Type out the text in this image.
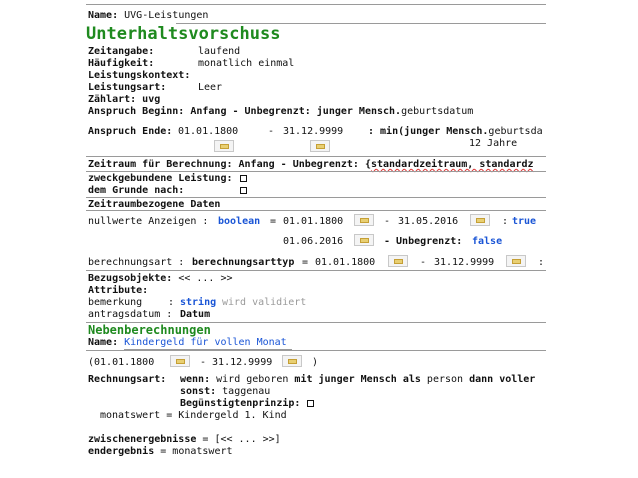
Name: UVG-Leistungen
Unterhaltsvorschuss
Zeitangabe:	laufend
Häufigkeit:	monatlich einmal
Leistungskontext:
Leistungsart:	Leer
Zählart: uvg
Anspruch Beginn: Anfang - Unbegrenzt: junger Mensch.geburtsdatum
Anspruch Ende: 01.01.1800	- 31.12.9999 : min(junger Mensch.geburtsda
12 Jahre
Zeitraum für Berechnung: Anfang - Unbegrenzt: {standardzeitraum, standardz
zweckgebundene Leistung:
dem Grunde nach:
Zeitraumbezogene Daten
nullwerte Anzeigen : boolean = 01.01.1800	- 31.05.2016	: true
01.06.2016	- Unbegrenzt: false
berechnungsart : berechnungsarttyp = 01.01.1800	- 31.12.9999	:
Bezugsobjekte: << ... >>
Attribute:
bemerkung	: string wird validiert
antragsdatum : Datum
Nebenberechnungen
Name: Kindergeld für vollen Monat
(01.01.1800	- 31.12.9999	)
Rechnungsart: wenn: wird geboren mit junger Mensch als person dann voller
sonst: taggenau
Begünstigtenprinzip:
monatswert = Kindergeld 1. Kind
zwischenergebnisse = [<< ... >>]
endergebnis = monatswert
